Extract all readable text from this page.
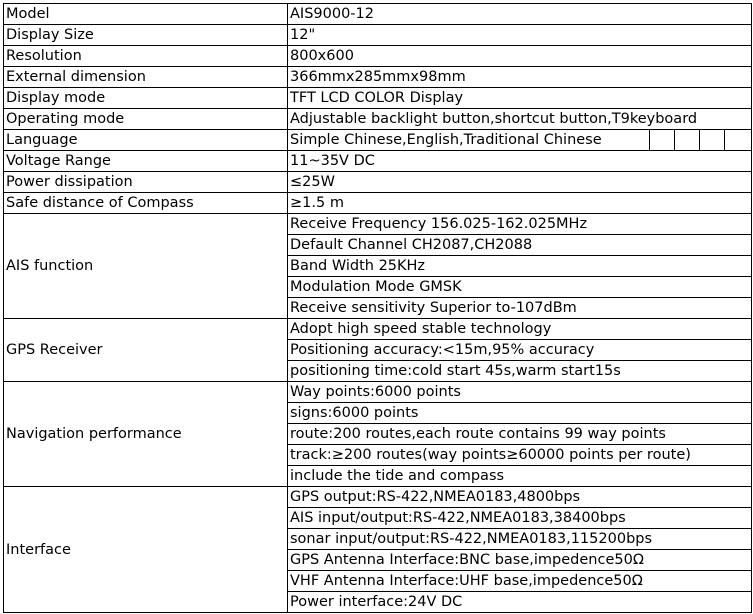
Model	AIS9000-12
Display Size	12"
Resolution	800x600
External dimension	366mmx285mmx98mm
Display mode	TFT LCD COLOR Display
Operating mode	Adjustable backlight button,shortcut button,T9keyboard
Language	Simple Chinese,English,Traditional Chinese

Voltage Range	11~35V DC
Power dissipation	≤25W
Safe distance of Compass	≥1.5 m
AIS function	Receive Frequency 156.025-162.025MHz
	Default Channel CH2087,CH2088
	Band Width 25KHz
	Modulation Mode GMSK
	Receive sensitivity Superior to-107dBm
GPS Receiver	Adopt high speed stable technology
	Positioning accuracy:<15m,95% accuracy
	positioning time:cold start 45s,warm start15s
Navigation performance	Way points:6000 points
	signs:6000 points
	route:200 routes,each route contains 99 way points
	track:≥200 routes(way points≥60000 points per route)
	include the tide and compass
Interface	GPS output:RS-422,NMEA0183,4800bps
	AIS input/output:RS-422,NMEA0183,38400bps
	sonar input/output:RS-422,NMEA0183,115200bps
	GPS Antenna Interface:BNC base,impedence50Ω
	VHF Antenna Interface:UHF base,impedence50Ω
	Power interface:24V DC
